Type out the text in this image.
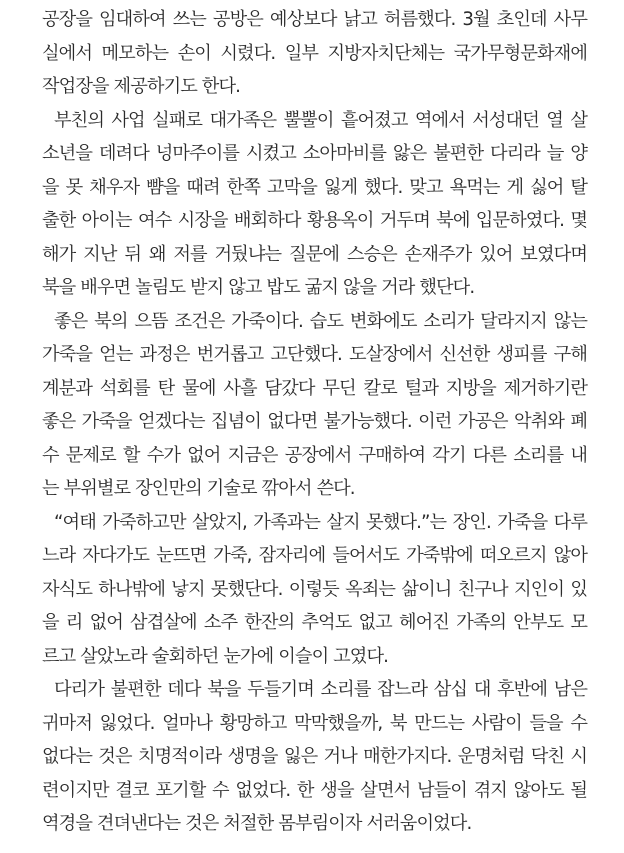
공장을 임대하여 쓰는 공방은 예상보다 낡고 허름했다. 3월 초인데 사무
실에서 메모하는 손이 시렸다. 일부 지방자치단체는 국가무형문화재에
작업장을 제공하기도 한다.
부친의 사업 실패로 대가족은 뿔뿔이 흩어졌고 역에서 서성대던 열 살
소년을 데려다 넝마주이를 시켰고 소아마비를 앓은 불편한 다리라 늘 양
을 못 채우자 뺨을 때려 한쪽 고막을 잃게 했다. 맞고 욕먹는 게 싫어 탈
출한 아이는 여수 시장을 배회하다 황용옥이 거두며 북에 입문하였다. 몇
해가 지난 뒤 왜 저를 거뒀냐는 질문에 스승은 손재주가 있어 보였다며
북을 배우면 놀림도 받지 않고 밥도 굶지 않을 거라 했단다.
좋은 북의 으뜸 조건은 가죽이다. 습도 변화에도 소리가 달라지지 않는
가죽을 얻는 과정은 번거롭고 고단했다. 도살장에서 신선한 생피를 구해
계분과 석회를 탄 물에 사흘 담갔다 무딘 칼로 털과 지방을 제거하기란
좋은 가죽을 얻겠다는 집념이 없다면 불가능했다. 이런 가공은 악취와 폐
수 문제로 할 수가 없어 지금은 공장에서 구매하여 각기 다른 소리를 내
는 부위별로 장인만의 기술로 깎아서 쓴다.
“여태 가죽하고만 살았지, 가족과는 살지 못했다.”는 장인. 가죽을 다루
느라 자다가도 눈뜨면 가죽, 잠자리에 들어서도 가죽밖에 떠오르지 않아
자식도 하나밖에 낳지 못했단다. 이렇듯 옥죄는 삶이니 친구나 지인이 있
을 리 없어 삼겹살에 소주 한잔의 추억도 없고 헤어진 가족의 안부도 모
르고 살았노라 술회하던 눈가에 이슬이 고였다.
다리가 불편한 데다 북을 두들기며 소리를 잡느라 삼십 대 후반에 남은
귀마저 잃었다. 얼마나 황망하고 막막했을까, 북 만드는 사람이 들을 수
없다는 것은 치명적이라 생명을 잃은 거나 매한가지다. 운명처럼 닥친 시
련이지만 결코 포기할 수 없었다. 한 생을 살면서 남들이 겪지 않아도 될
역경을 견뎌낸다는 것은 처절한 몸부림이자 서러움이었다.
